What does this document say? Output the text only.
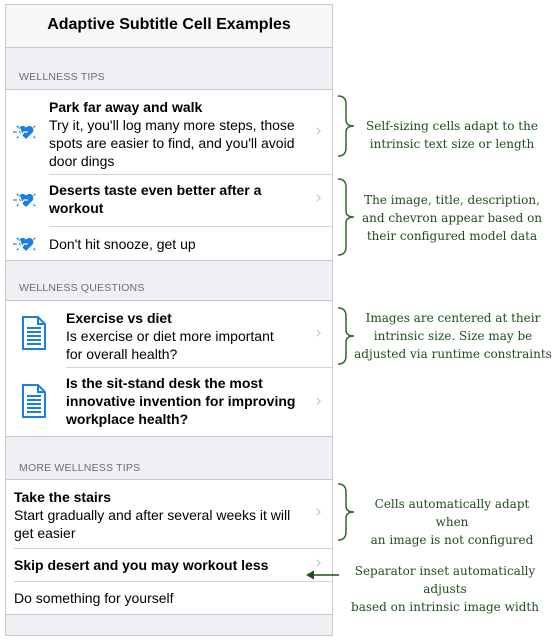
Adaptive Subtitle Cell Examples
WELLNESS TIPS
Park far away and walk
Try it, you'll log many more steps, those
spots are easier to find, and you'll avoid
door dings
›
Deserts taste even better after a
workout	›
Don't hit snooze, get up
WELLNESS QUESTIONS
Exercise vs diet
Is exercise or diet more important
for overall health?
›
Is the sit-stand desk the most
innovative invention for improving
workplace health?
›
MORE WELLNESS TIPS
Take the stairs
Start gradually and after several weeks it will
get easier
›
Skip desert and you may workout less	›
Do something for yourself
Self-sizing cells adapt to the
intrinsic text size or length
The image, title, description,
and chevron appear based on
their configured model data
Images are centered at their
intrinsic size. Size may be
adjusted via runtime constraints
Cells automatically adapt when
an image is not configured
Separator inset automatically adjusts
based on intrinsic image width
